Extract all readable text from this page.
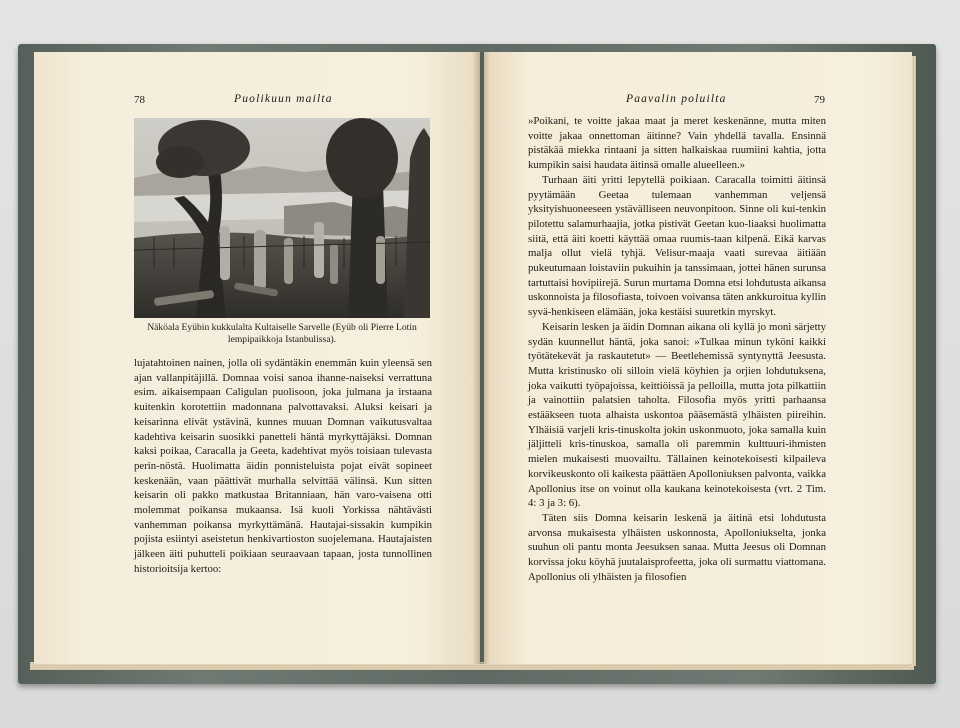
78	Puolikuun mailta
Näköala Eyübin kukkulalta Kultaiselle Sarvelle (Eyüb oli Pierre Lotin lempipaikkoja Istanbulissa).

lujatahtoinen nainen, jolla oli sydäntäkin enemmän kuin yleensä sen ajan vallanpitäjillä. Domnaa voisi sanoa ihanne-naiseksi verrattuna esim. aikaisempaan Caligulan puolisoon, joka julmana ja irstaana kuitenkin korotettiin madonnana palvottavaksi. Aluksi keisari ja keisarinna elivät ystävinä, kunnes muuan Domnan vaikutusvaltaa kadehtiva keisarin suosikki panetteli häntä myrkyttäjäksi. Domnan kaksi poikaa, Caracalla ja Geeta, kadehtivat myös toisiaan tulevasta perin-nöstä. Huolimatta äidin ponnisteluista pojat eivät sopineet keskenään, vaan päättivät murhalla selvittää välinsä. Kun sitten keisarin oli pakko matkustaa Britanniaan, hän varo-vaisena otti molemmat poikansa mukaansa. Isä kuoli Yorkissa nähtävästi vanhemman poikansa myrkyttämänä. Hautajai-sissakin kumpikin pojista esiintyi aseistetun henkivartioston suojelemana. Hautajaisten jälkeen äiti puhutteli poikiaan seuraavaan tapaan, josta tunnollinen historioitsija kertoo:

Paavalin poluilta	79

»Poikani, te voitte jakaa maat ja meret keskenänne, mutta miten voitte jakaa onnettoman äitinne? Vain yhdellä tavalla. Ensinnä pistäkää miekka rintaani ja sitten halkaiskaa ruumiini kahtia, jotta kumpikin saisi haudata äitinsä omalle alueelleen.»

Turhaan äiti yritti lepytellä poikiaan. Caracalla toimitti äitinsä pyytämään Geetaa tulemaan vanhemman veljensä yksityishuoneeseen ystävälliseen neuvonpitoon. Sinne oli kui-tenkin pilotettu salamurhaajia, jotka pistivät Geetan kuo-liaaksi huolimatta siitä, että äiti koetti käyttää omaa ruumis-taan kilpenä. Eikä karvas malja ollut vielä tyhjä. Velisur-maaja vaati surevaa äitiään pukeutumaan loistaviin pukuihin ja tanssimaan, jottei hänen surunsa tartuttaisi hovipiirejä. Surun murtama Domna etsi lohdutusta aikansa uskonnoista ja filosofiasta, toivoen voivansa täten ankkuroitua kyllin syvä-henkiseen elämään, joka kestäisi suuretkin myrskyt.

Keisarin lesken ja äidin Domnan aikana oli kyllä jo moni särjetty sydän kuunnellut häntä, joka sanoi: »Tulkaa minun tyköni kaikki työtätekevät ja raskautetut» — Beetlehemissä syntynyttä Jeesusta. Mutta kristinusko oli silloin vielä köyhien ja orjien lohdutuksena, joka vaikutti työpajoissa, keittiöissä ja pelloilla, mutta jota pilkattiin ja vainottiin palatsien taholta. Filosofia myös yritti parhaansa estääkseen tuota alhaista uskontoa pääsemästä ylhäisten piireihin. Ylhäisiä varjeli kris-tinuskolta jokin uskonmuoto, joka samalla kuin jäljitteli kris-tinuskoa, samalla oli paremmin kulttuuri-ihmisten mielen mukaisesti muovailtu. Tällainen keinotekoisesti kilpaileva korvikeuskonto oli kaikesta päättäen Apolloniuksen palvonta, vaikka Apollonius itse on voinut olla kaukana keinotekoisesta (vrt. 2 Tim. 4: 3 ja 3: 6).

Täten siis Domna keisarin leskenä ja äitinä etsi lohdutusta arvonsa mukaisesta ylhäisten uskonnosta, Apolloniukselta, jonka suuhun oli pantu monta Jeesuksen sanaa. Mutta Jeesus oli Domnan korvissa joku köyhä juutalaisprofeetta, joka oli surmattu viattomana. Apollonius oli ylhäisten ja filosofien
